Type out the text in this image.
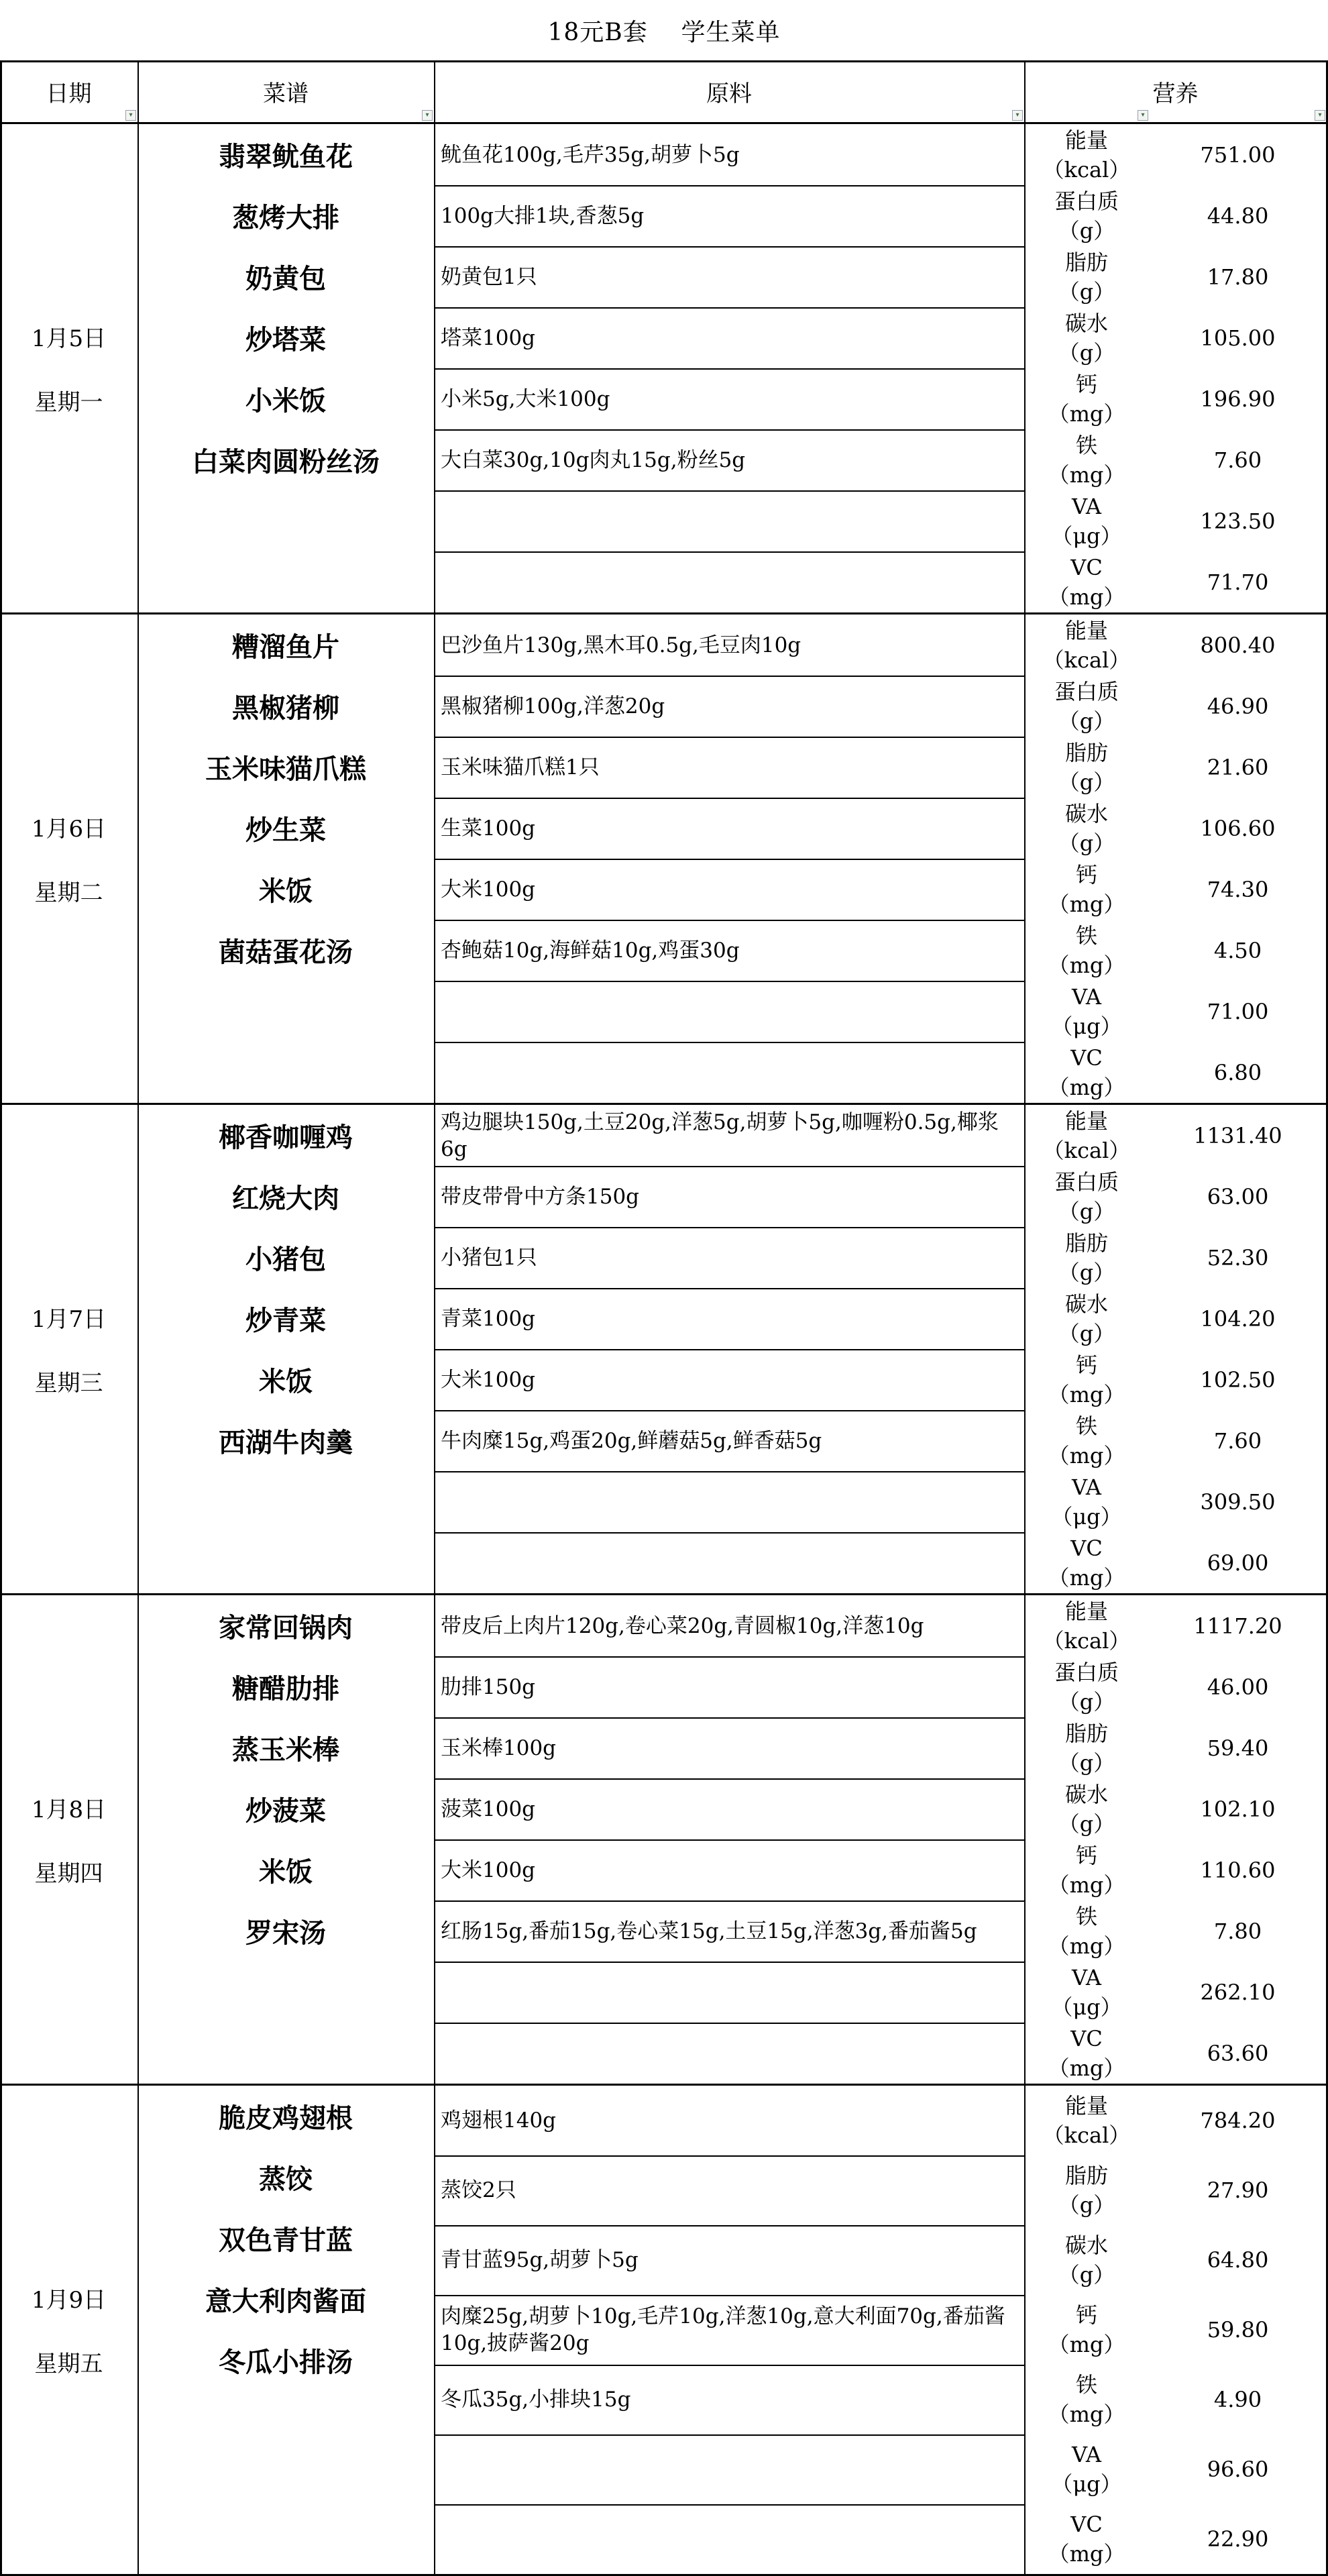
18元B套    学生菜单
日期
▾
菜谱
▾
原料
▾
营养
▾
▾
1月5日
星期一
翡翠鱿鱼花
葱烤大排
奶黄包
炒塔菜
小米饭
白菜肉圆粉丝汤
鱿鱼花100g,毛芹35g,胡萝卜5g
100g大排1块,香葱5g
奶黄包1只
塔菜100g
小米5g,大米100g
大白菜30g,10g肉丸15g,粉丝5g
能量
（kcal）
751.00
蛋白质
（g）
44.80
脂肪
（g）
17.80
碳水
（g）
105.00
钙
（mg）
196.90
铁
（mg）
7.60
VA
（μg）
123.50
VC
（mg）
71.70
1月6日
星期二
糟溜鱼片
黑椒猪柳
玉米味猫爪糕
炒生菜
米饭
菌菇蛋花汤
巴沙鱼片130g,黑木耳0.5g,毛豆肉10g
黑椒猪柳100g,洋葱20g
玉米味猫爪糕1只
生菜100g
大米100g
杏鲍菇10g,海鲜菇10g,鸡蛋30g
能量
（kcal）
800.40
蛋白质
（g）
46.90
脂肪
（g）
21.60
碳水
（g）
106.60
钙
（mg）
74.30
铁
（mg）
4.50
VA
（μg）
71.00
VC
（mg）
6.80
1月7日
星期三
椰香咖喱鸡
红烧大肉
小猪包
炒青菜
米饭
西湖牛肉羹
鸡边腿块150g,土豆20g,洋葱5g,胡萝卜5g,咖喱粉0.5g,椰浆6g
带皮带骨中方条150g
小猪包1只
青菜100g
大米100g
牛肉糜15g,鸡蛋20g,鲜蘑菇5g,鲜香菇5g
能量
（kcal）
1131.40
蛋白质
（g）
63.00
脂肪
（g）
52.30
碳水
（g）
104.20
钙
（mg）
102.50
铁
（mg）
7.60
VA
（μg）
309.50
VC
（mg）
69.00
1月8日
星期四
家常回锅肉
糖醋肋排
蒸玉米棒
炒菠菜
米饭
罗宋汤
带皮后上肉片120g,卷心菜20g,青圆椒10g,洋葱10g
肋排150g
玉米棒100g
菠菜100g
大米100g
红肠15g,番茄15g,卷心菜15g,土豆15g,洋葱3g,番茄酱5g
能量
（kcal）
1117.20
蛋白质
（g）
46.00
脂肪
（g）
59.40
碳水
（g）
102.10
钙
（mg）
110.60
铁
（mg）
7.80
VA
（μg）
262.10
VC
（mg）
63.60
1月9日
星期五
脆皮鸡翅根
蒸饺
双色青甘蓝
意大利肉酱面
冬瓜小排汤
鸡翅根140g
蒸饺2只
青甘蓝95g,胡萝卜5g
肉糜25g,胡萝卜10g,毛芹10g,洋葱10g,意大利面70g,番茄酱10g,披萨酱20g
冬瓜35g,小排块15g
能量
（kcal）
784.20
脂肪
（g）
27.90
碳水
（g）
64.80
钙
（mg）
59.80
铁
（mg）
4.90
VA
（μg）
96.60
VC
（mg）
22.90
